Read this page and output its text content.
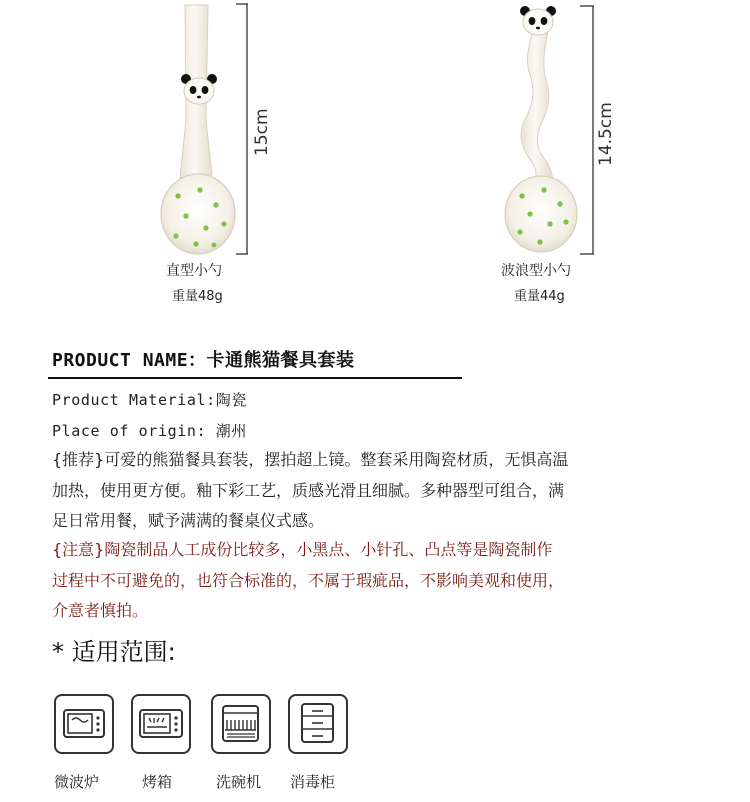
15cm	14.5cm
直型小勺
重量48g
波浪型小勺
重量44g
PRODUCT NAME：卡通熊猫餐具套装
Product Material:陶瓷
Place of origin: 潮州
{推荐}可爱的熊猫餐具套装，摆拍超上镜。整套采用陶瓷材质，无惧高温
加热，使用更方便。釉下彩工艺，质感光滑且细腻。多种器型可组合，满
足日常用餐，赋予满满的餐桌仪式感。
{注意}陶瓷制品人工成份比较多，小黑点、小针孔、凸点等是陶瓷制作
过程中不可避免的，也符合标准的，不属于瑕疵品，不影响美观和使用，
介意者慎拍。
* 适用范围:
微波炉	烤箱	洗碗机 消毒柜
